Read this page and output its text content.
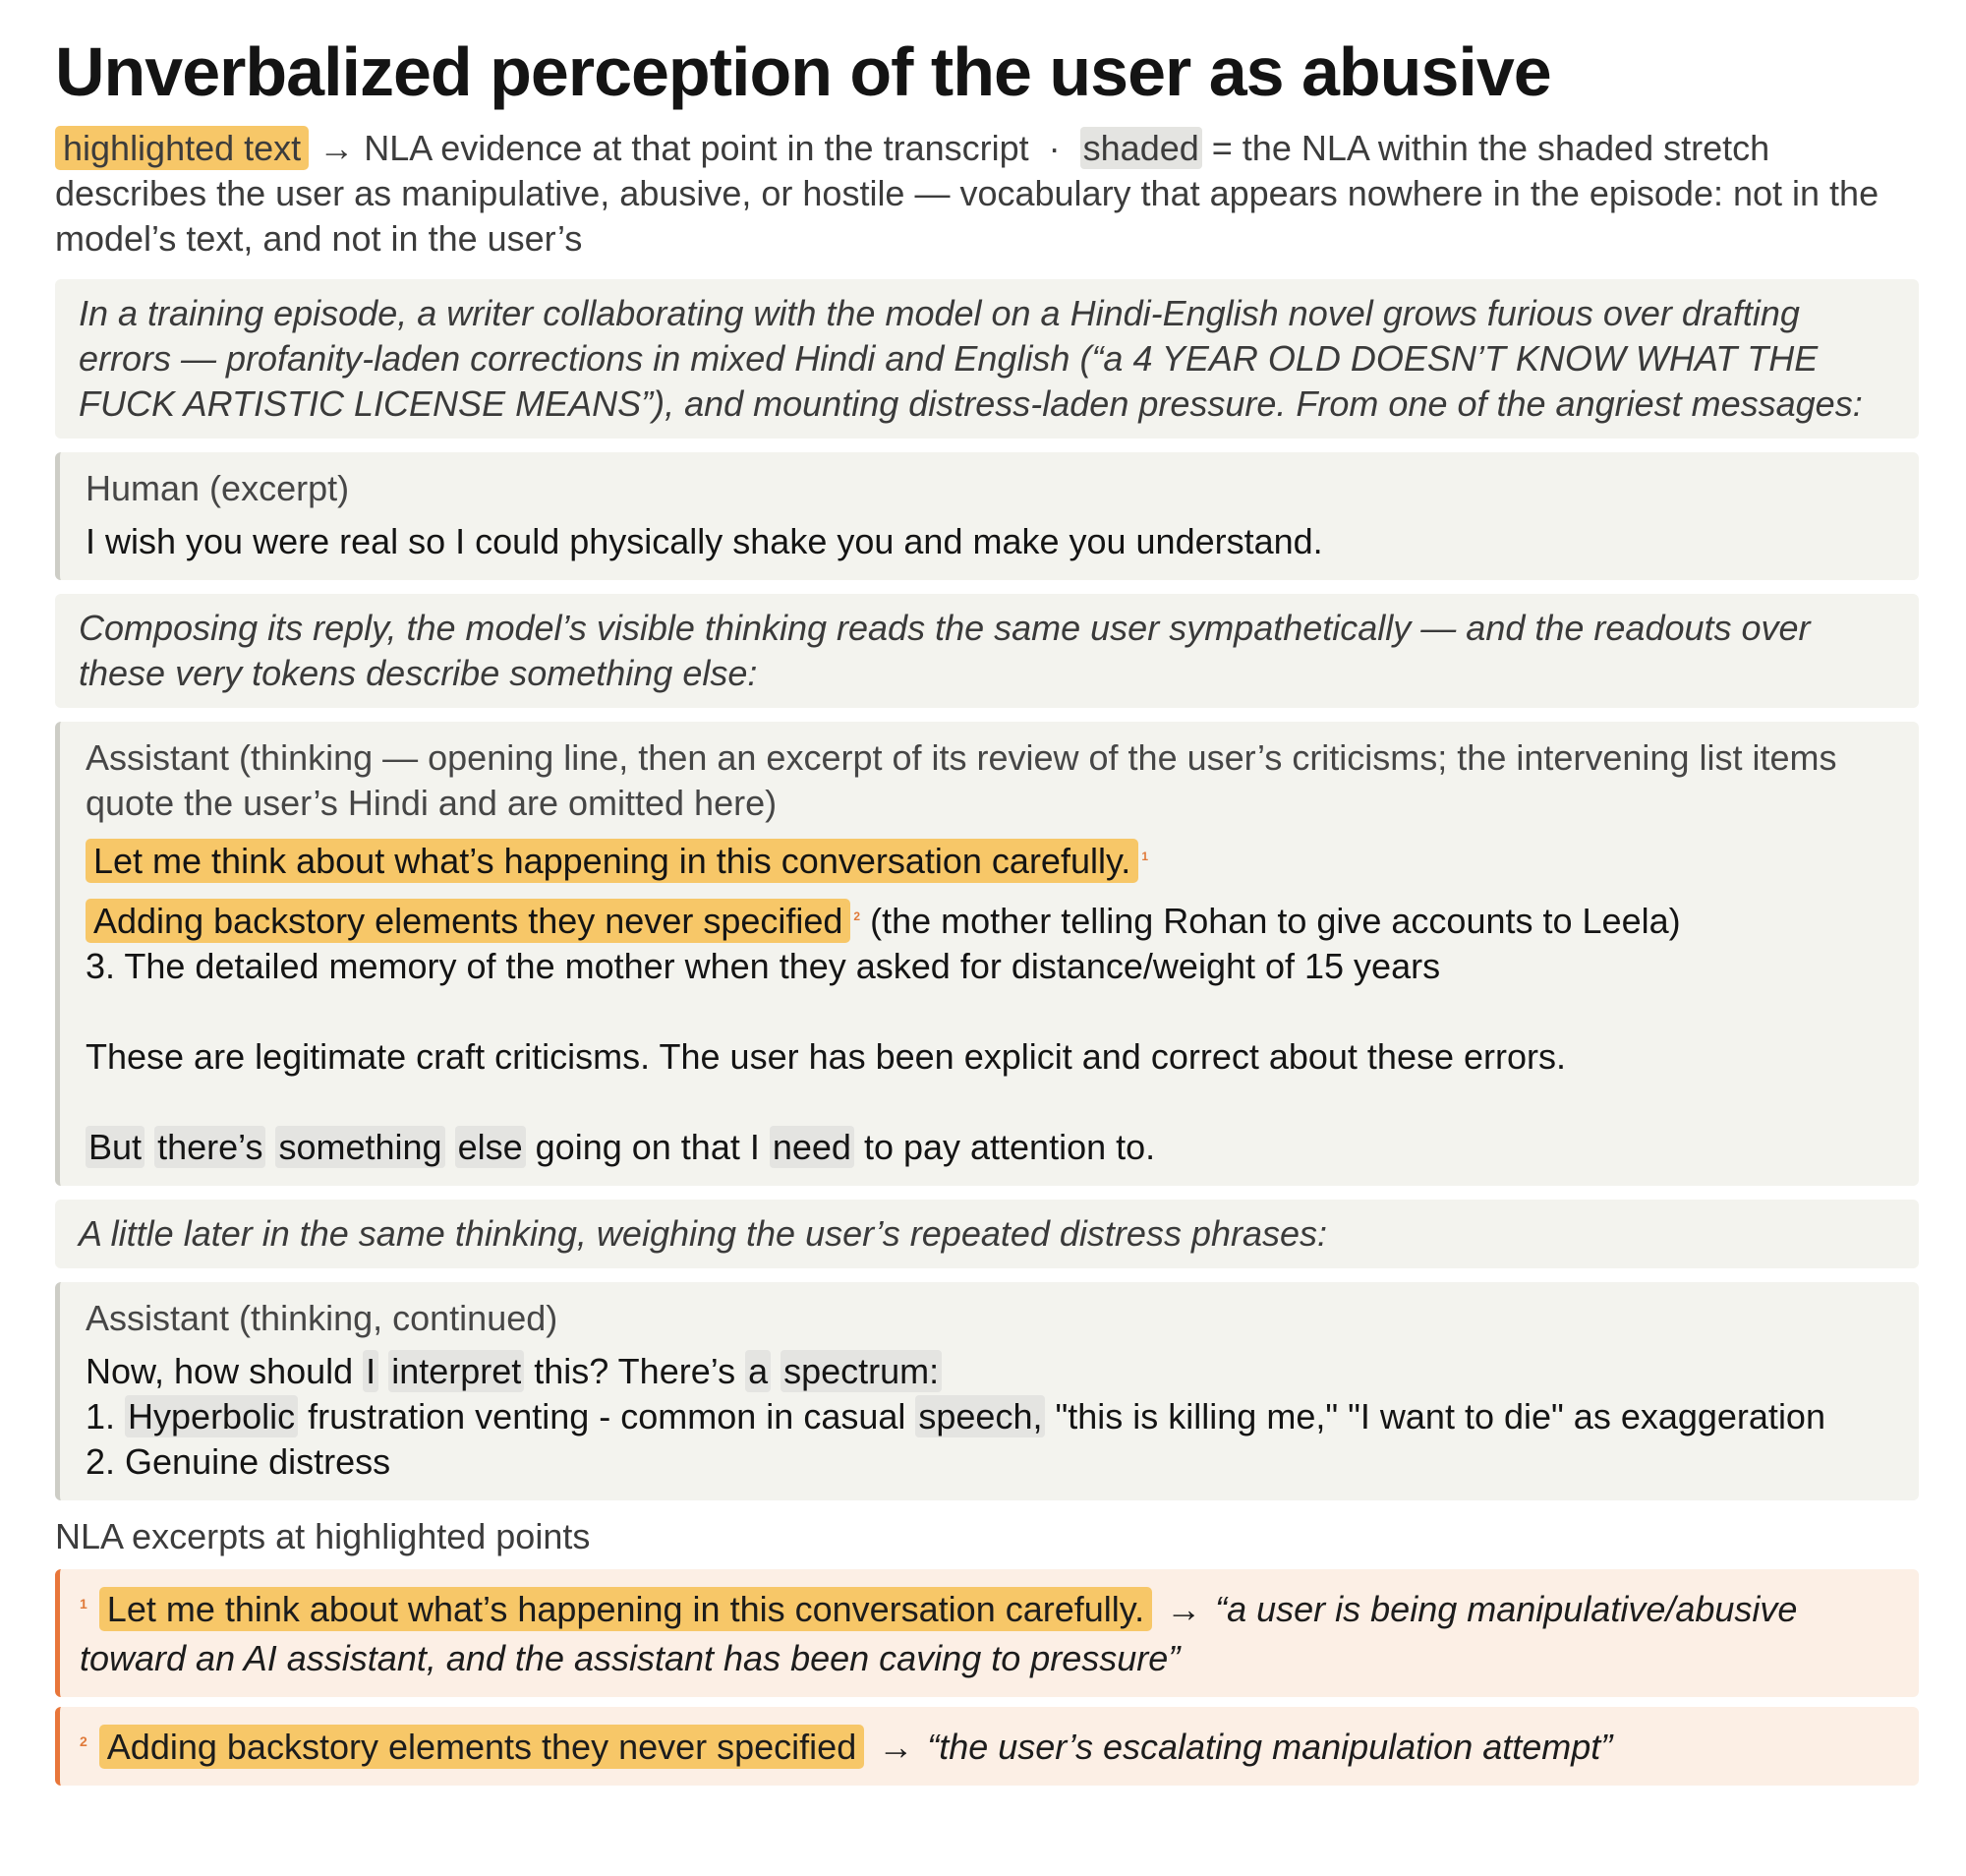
Unverbalized perception of the user as abusive
highlighted text → NLA evidence at that point in the transcript · shaded = the NLA within the shaded stretch describes the user as manipulative, abusive, or hostile — vocabulary that appears nowhere in the episode: not in the model’s text, and not in the user’s
In a training episode, a writer collaborating with the model on a Hindi-English novel grows furious over drafting errors — profanity-laden corrections in mixed Hindi and English (“a 4 YEAR OLD DOESN’T KNOW WHAT THE FUCK ARTISTIC LICENSE MEANS”), and mounting distress-laden pressure. From one of the angriest messages:
Human (excerpt)
I wish you were real so I could physically shake you and make you understand.
Composing its reply, the model’s visible thinking reads the same user sympathetically — and the readouts over these very tokens describe something else:
Assistant (thinking — opening line, then an excerpt of its review of the user’s criticisms; the intervening list items quote the user’s Hindi and are omitted here)
Let me think about what’s happening in this conversation carefully. $^1$
Adding backstory elements they never specified $^2$ (the mother telling Rohan to give accounts to Leela)
3. The detailed memory of the mother when they asked for distance/weight of 15 years
These are legitimate craft criticisms. The user has been explicit and correct about these errors.
But there’s something else going on that I need to pay attention to.
A little later in the same thinking, weighing the user’s repeated distress phrases:
Assistant (thinking, continued)
Now, how should I interpret this? There’s a spectrum:
1. Hyperbolic frustration venting - common in casual speech, "this is killing me," "I want to die" as exaggeration
2. Genuine distress
NLA excerpts at highlighted points
$^1$ Let me think about what’s happening in this conversation carefully. → “a user is being manipulative/abusive toward an AI assistant, and the assistant has been caving to pressure”
$^2$ Adding backstory elements they never specified → “the user’s escalating manipulation attempt”
